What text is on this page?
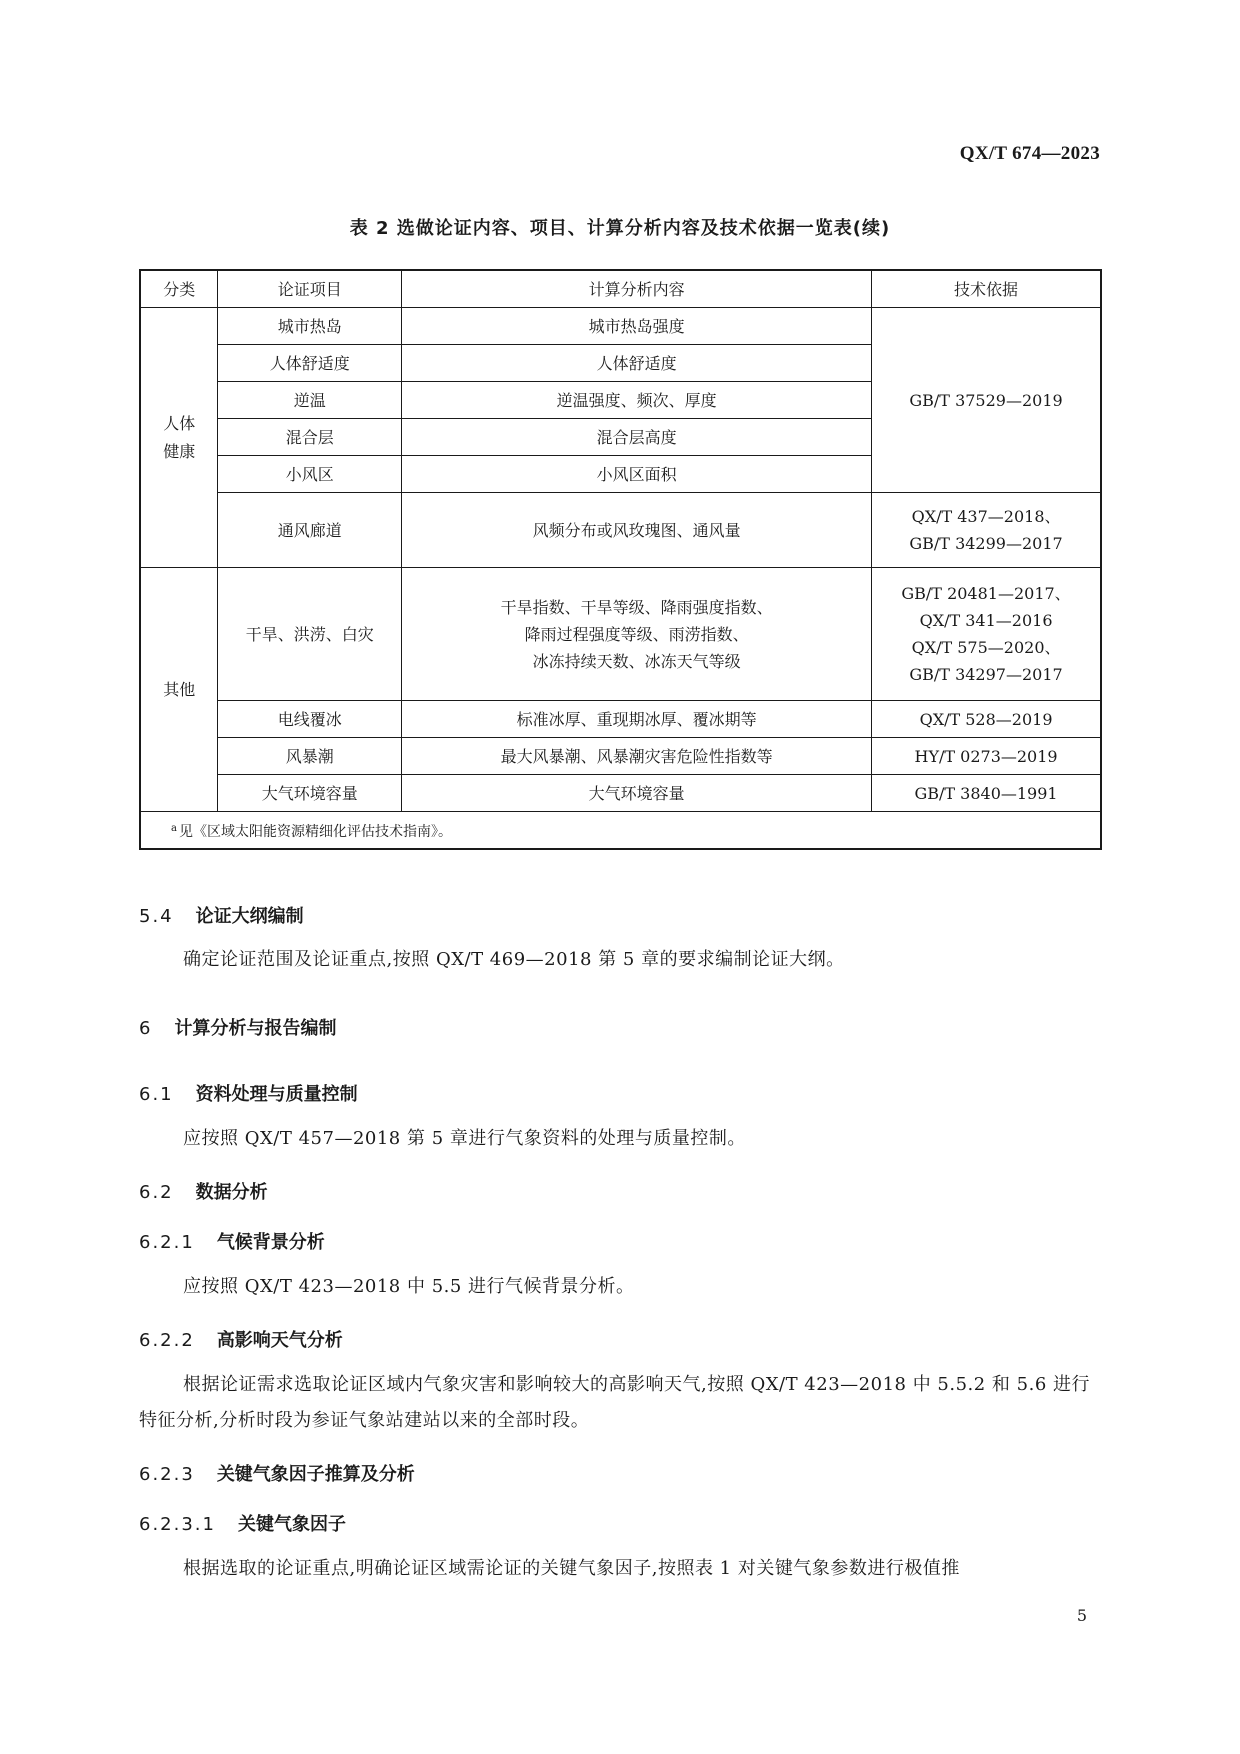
QX/T 674—2023
表 2 选做论证内容、项目、计算分析内容及技术依据一览表(续)
分类	论证项目	计算分析内容	技术依据
人体健康	城市热岛	城市热岛强度	GB/T 37529—2019
	人体舒适度	人体舒适度	
	逆温	逆温强度、频次、厚度	
	混合层	混合层高度	
	小风区	小风区面积	
	通风廊道	风频分布或风玫瑰图、通风量	QX/T 437—2018、
GB/T 34299—2017

其他	干旱、洪涝、白灾	干旱指数、干旱等级、降雨强度指数、
降雨过程强度等级、雨涝指数、
冰冻持续天数、冰冻天气等级	GB/T 20481—2017、
QX/T 341—2016
QX/T 575—2020、
GB/T 34297—2017

	电线覆冰	标准冰厚、重现期冰厚、覆冰期等	QX/T 528—2019
	风暴潮	最大风暴潮、风暴潮灾害危险性指数等	HY/T 0273—2019
	大气环境容量	大气环境容量	GB/T 3840—1991
$^a$ 见《区域太阳能资源精细化评估技术指南》。			
5.4 论证大纲编制
确定论证范围及论证重点,按照 QX/T 469—2018 第 5 章的要求编制论证大纲。
6 计算分析与报告编制
6.1 资料处理与质量控制
应按照 QX/T 457—2018 第 5 章进行气象资料的处理与质量控制。
6.2 数据分析
6.2.1 气候背景分析
应按照 QX/T 423—2018 中 5.5 进行气候背景分析。
6.2.2 高影响天气分析
根据论证需求选取论证区域内气象灾害和影响较大的高影响天气,按照 QX/T 423—2018 中 5.5.2 和 5.6 进行特征分析,分析时段为参证气象站建站以来的全部时段。
6.2.3 关键气象因子推算及分析
6.2.3.1 关键气象因子
根据选取的论证重点,明确论证区域需论证的关键气象因子,按照表 1 对关键气象参数进行极值推
5
